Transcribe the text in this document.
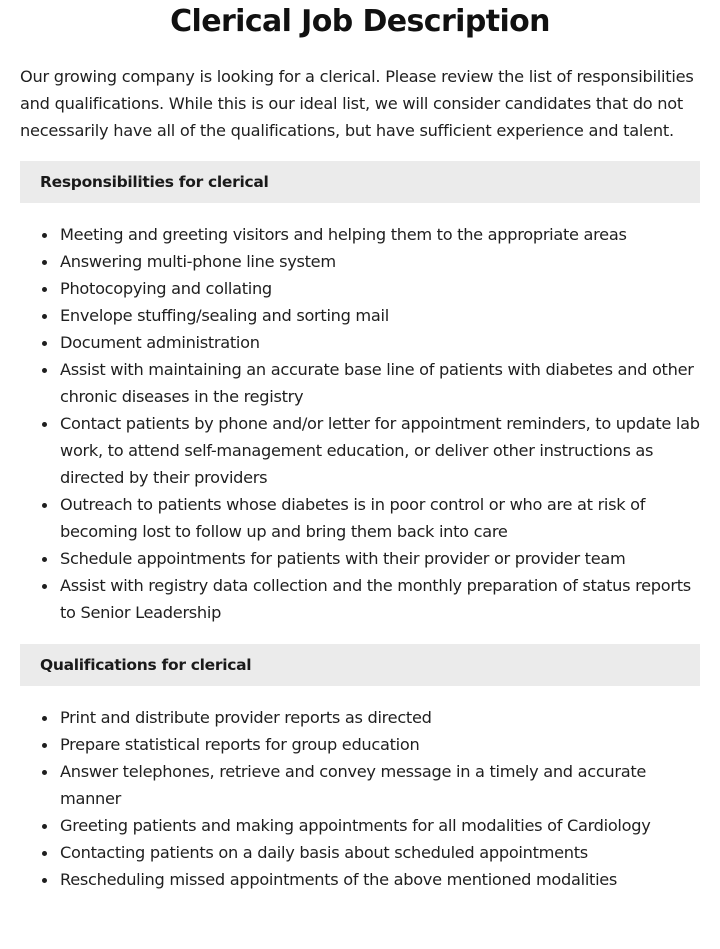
Clerical Job Description

Our growing company is looking for a clerical. Please review the list of responsibilities and qualifications. While this is our ideal list, we will consider candidates that do not necessarily have all of the qualifications, but have sufficient experience and talent.

Responsibilities for clerical
Meeting and greeting visitors and helping them to the appropriate areas
Answering multi-phone line system
Photocopying and collating
Envelope stuffing/sealing and sorting mail
Document administration
Assist with maintaining an accurate base line of patients with diabetes and other chronic diseases in the registry
Contact patients by phone and/or letter for appointment reminders, to update lab work, to attend self-management education, or deliver other instructions as directed by their providers
Outreach to patients whose diabetes is in poor control or who are at risk of becoming lost to follow up and bring them back into care
Schedule appointments for patients with their provider or provider team
Assist with registry data collection and the monthly preparation of status reports to Senior Leadership
Qualifications for clerical
Print and distribute provider reports as directed
Prepare statistical reports for group education
Answer telephones, retrieve and convey message in a timely and accurate manner
Greeting patients and making appointments for all modalities of Cardiology
Contacting patients on a daily basis about scheduled appointments
Rescheduling missed appointments of the above mentioned modalities
